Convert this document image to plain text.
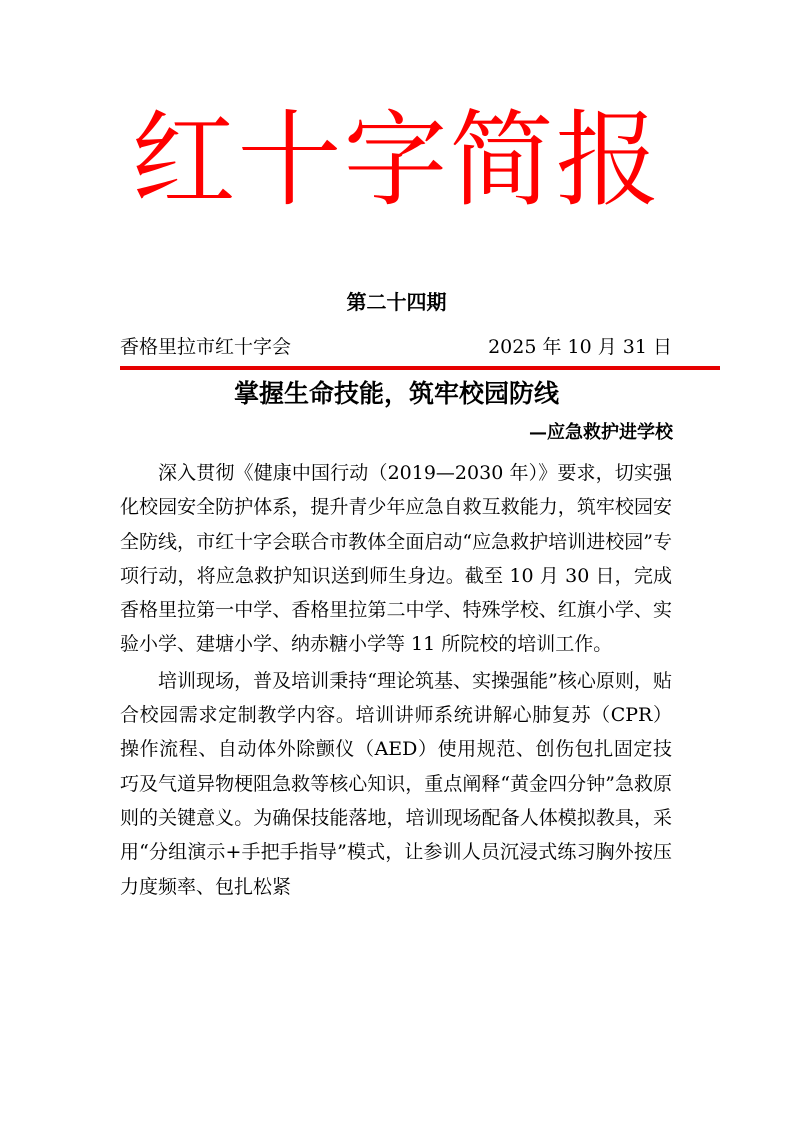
红十字简报
第二十四期
香格里拉市红十字会	2025 年 10 月 31 日
掌握生命技能，筑牢校园防线
—应急救护进学校

深入贯彻《健康中国行动（2019—2030 年）》要求，切实强化校园安全防护体系，提升青少年应急自救互救能力，筑牢校园安全防线，市红十字会联合市教体全面启动“应急救护培训进校园”专项行动，将应急救护知识送到师生身边。截至 10 月 30 日，完成香格里拉第一中学、香格里拉第二中学、特殊学校、红旗小学、实验小学、建塘小学、纳赤糖小学等 11 所院校的培训工作。

培训现场，普及培训秉持“理论筑基、实操强能”核心原则，贴合校园需求定制教学内容。培训讲师系统讲解心肺复苏（CPR）操作流程、自动体外除颤仪（AED）使用规范、创伤包扎固定技巧及气道异物梗阻急救等核心知识，重点阐释“黄金四分钟”急救原则的关键意义。为确保技能落地，培训现场配备人体模拟教具，采用“分组演示+手把手指导”模式，让参训人员沉浸式练习胸外按压力度频率、包扎松紧
